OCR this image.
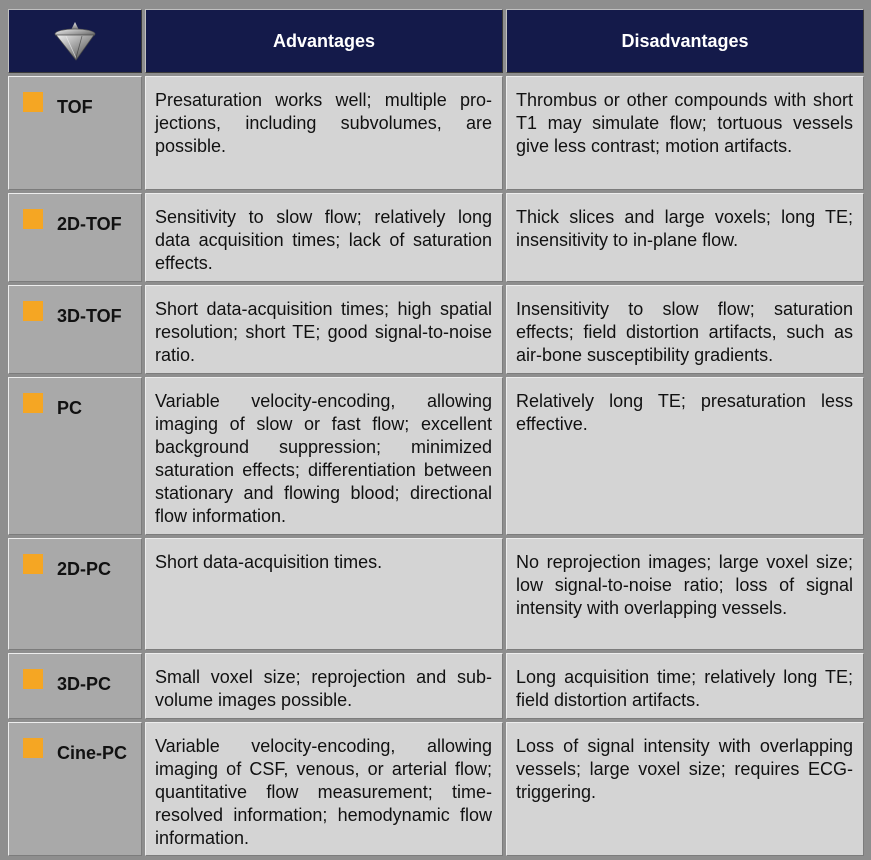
	Advantages	Disadvantages

TOF	Presaturation works well; multiple projections, including subvolumes, are possible.	Thrombus or other compounds with short T1 may simulate flow; tortuous vessels give less contrast; motion artifacts.

2D-TOF	Sensitivity to slow flow; relatively long data acquisition times; lack of saturation effects.	Thick slices and large voxels; long TE; insensitivity to in-plane flow.

3D-TOF	Short data-acquisition times; high spatial resolution; short TE; good signal-to-noise ratio.	Insensitivity to slow flow; saturation effects; field distortion artifacts, such as air-bone susceptibility gradients.

PC	Variable velocity-encoding, allowing imaging of slow or fast flow; excellent background suppression; minimized saturation effects; differentiation between stationary and flowing blood; directional flow information.	Relatively long TE; presaturation less effective.

2D-PC	Short data-acquisition times.	No reprojection images; large voxel size; low signal-to-noise ratio; loss of signal intensity with overlapping vessels.

3D-PC	Small voxel size; reprojection and subvolume images possible.	Long acquisition time; relatively long TE; field distortion artifacts.

Cine-PC	Variable velocity-encoding, allowing imaging of CSF, venous, or arterial flow; quantitative flow measurement; time-resolved information; hemodynamic flow information.	Loss of signal intensity with overlapping vessels; large voxel size; requires ECG-triggering.
